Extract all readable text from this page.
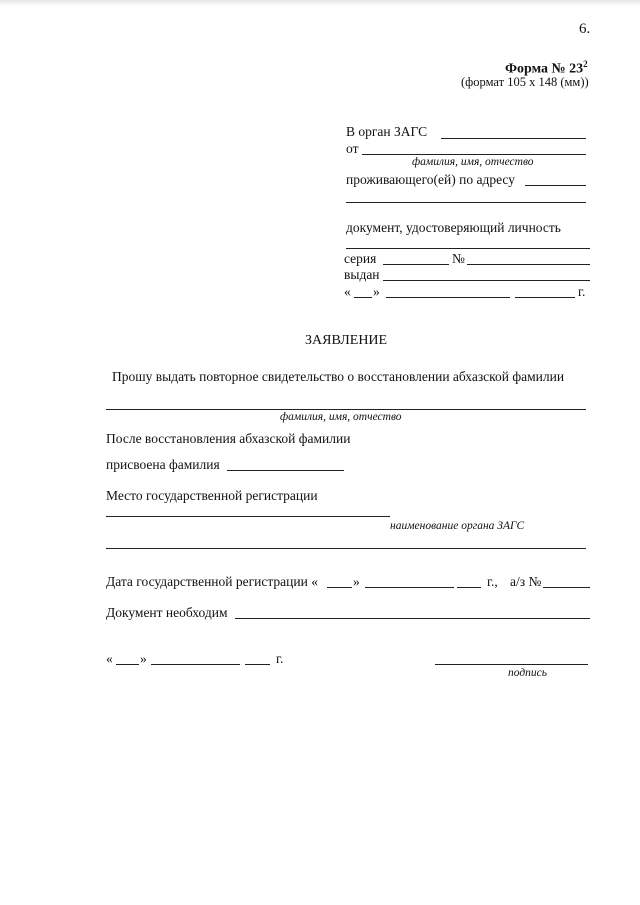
6.
Форма № $23^2$
(формат 105 х 148 (мм))
В орган ЗАГС
от
фамилия, имя, отчество
проживающего(ей) по адресу
документ, удостоверяющий личность
серия	№
выдан
« »	г.
ЗАЯВЛЕНИЕ
Прошу выдать повторное свидетельство о восстановлении абхазской фамилии
фамилия, имя, отчество
После восстановления абхазской фамилии
присвоена фамилия
Место государственной регистрации
наименование органа ЗАГС
Дата государственной регистрации «	»	г., а/з №
Документ необходим
« »	г.
подпись
